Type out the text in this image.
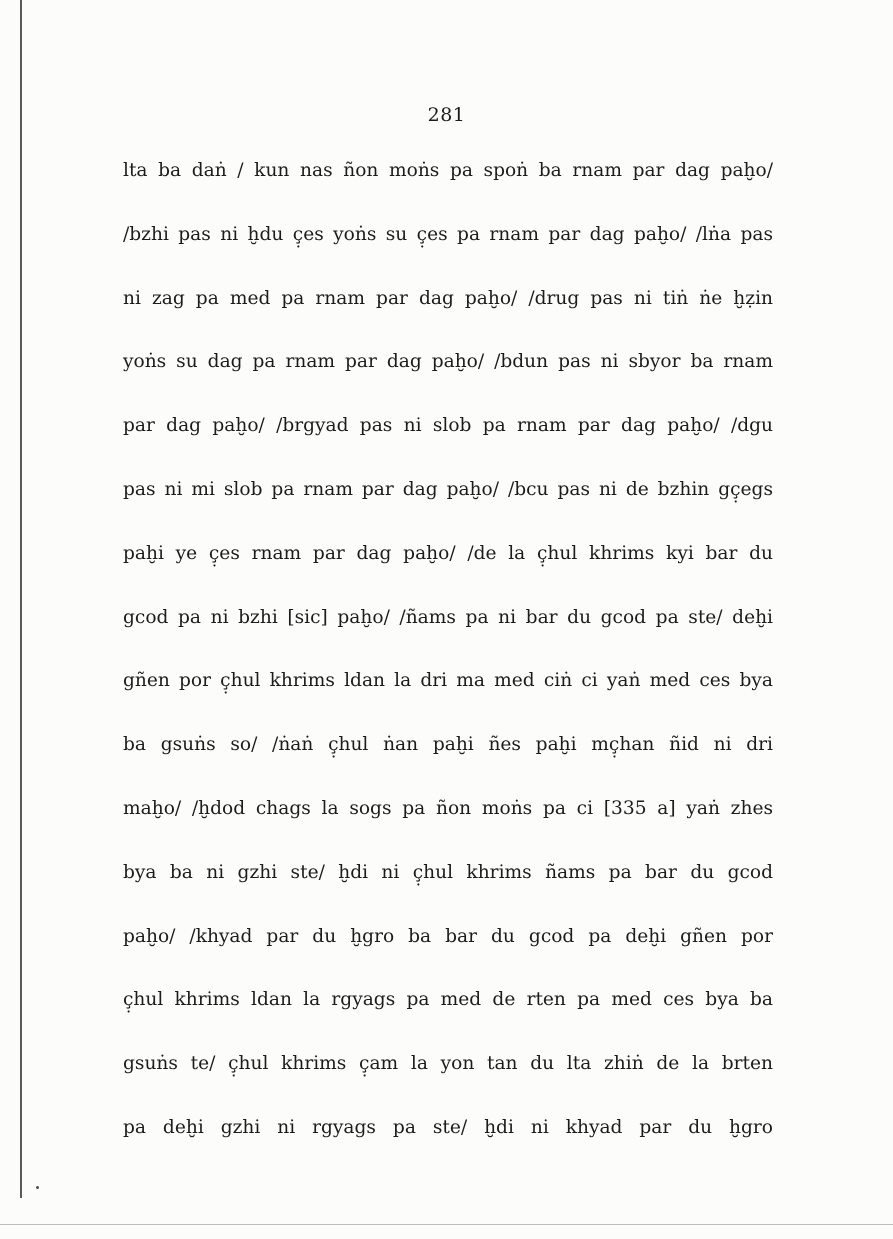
281
lta ba daṅ / kun nas ñon moṅs pa spoṅ ba rnam par dag paḫo/
/bzhi pas ni ḫdu ç̣es yoṅs su ç̣es pa rnam par dag paḫo/ /lṅa pas
ni zag pa med pa rnam par dag paḫo/ /drug pas ni tiṅ ṅe ḫẓin
yoṅs su dag pa rnam par dag paḫo/ /bdun pas ni sbyor ba rnam
par dag paḫo/ /brgyad pas ni slob pa rnam par dag paḫo/ /dgu
pas ni mi slob pa rnam par dag paḫo/ /bcu pas ni de bzhin gç̣egs
paḫi ye ç̣es rnam par dag paḫo/ /de la ç̣hul khrims kyi bar du
gcod pa ni bzhi [sic] paḫo/ /ñams pa ni bar du gcod pa ste/ deḫi
gñen por ç̣hul khrims ldan la dri ma med ciṅ ci yaṅ med ces bya
ba gsuṅs so/ /ṅaṅ ç̣hul ṅan paḫi ñes paḫi mç̣han ñid ni dri
maḫo/ /ḫdod chags la sogs pa ñon moṅs pa ci [335 a] yaṅ zhes
bya ba ni gzhi ste/ ḫdi ni ç̣hul khrims ñams pa bar du gcod
paḫo/ /khyad par du ḫgro ba bar du gcod pa deḫi gñen por
ç̣hul khrims ldan la rgyags pa med de rten pa med ces bya ba
gsuṅs te/ ç̣hul khrims ç̣am la yon tan du lta zhiṅ de la brten
pa deḫi gzhi ni rgyags pa ste/ ḫdi ni khyad par du ḫgro
